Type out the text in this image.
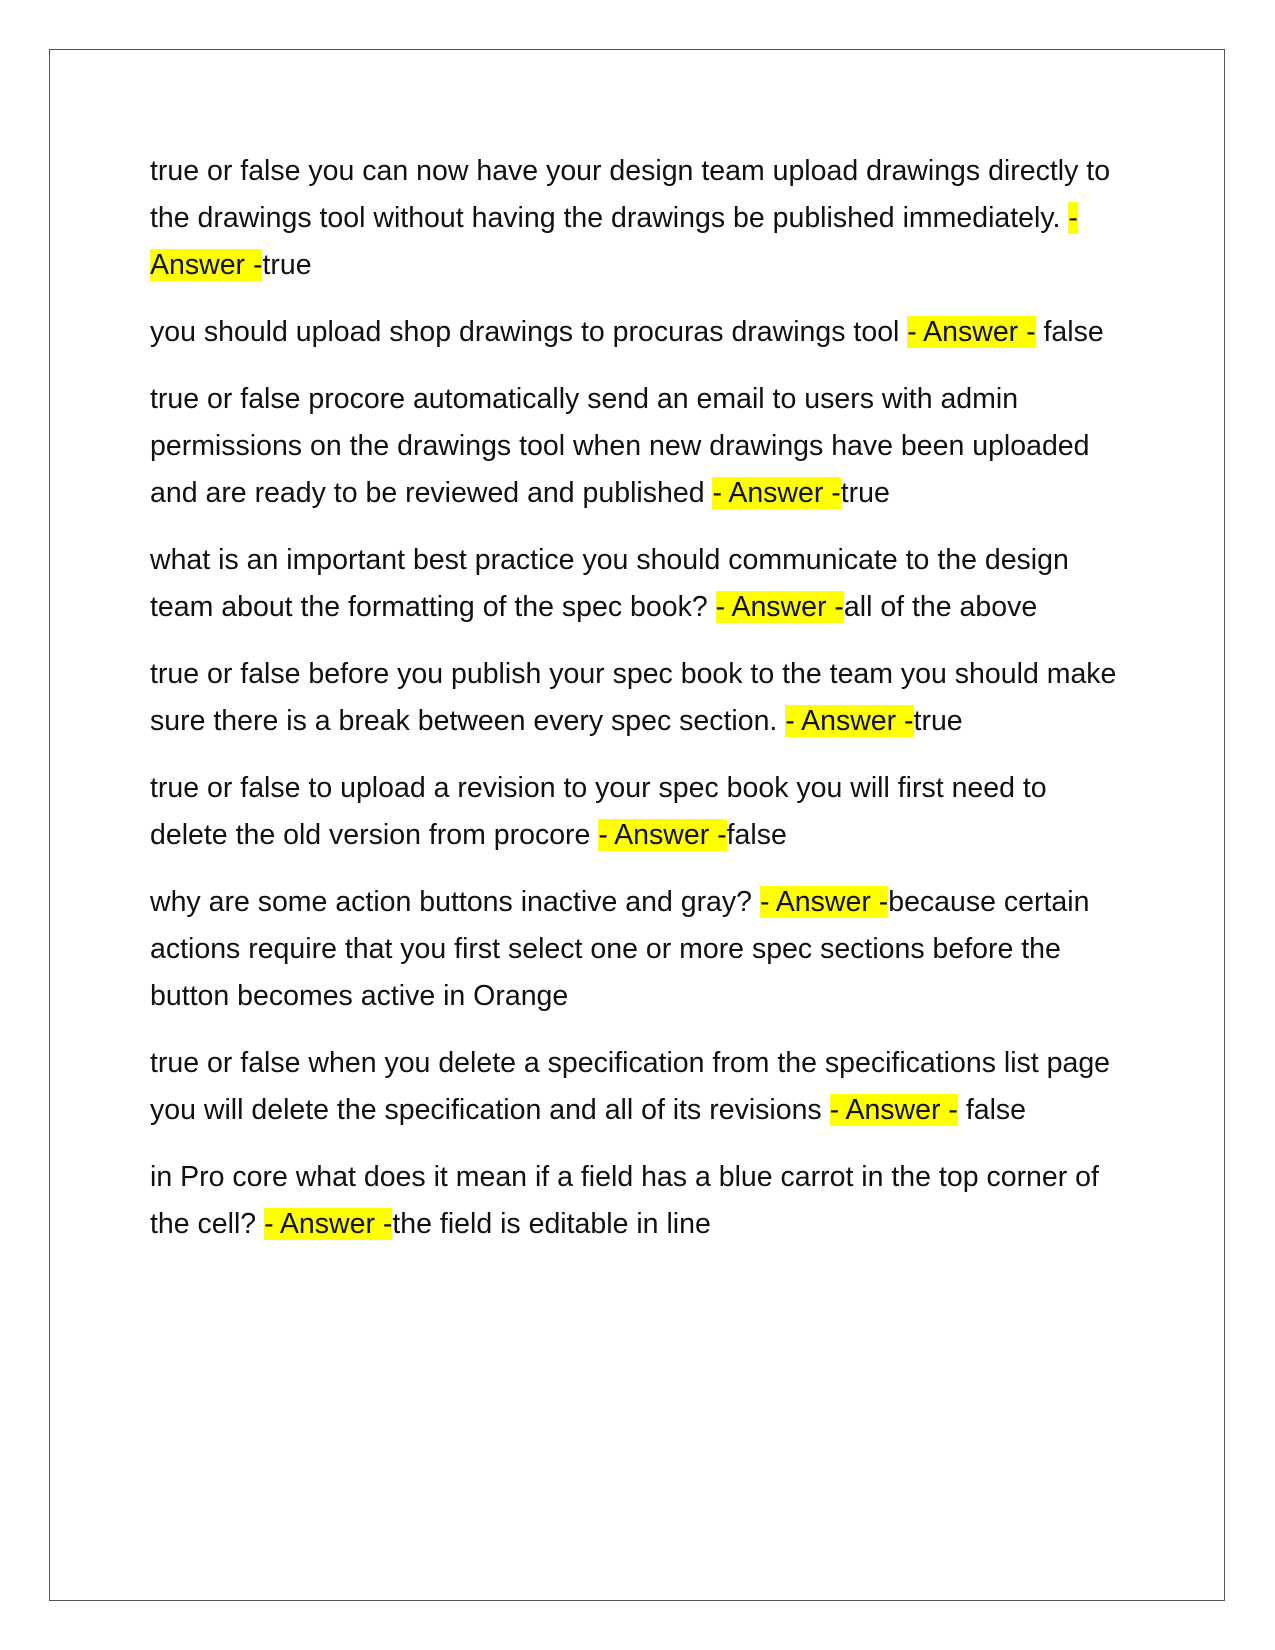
true or false you can now have your design team upload drawings directly to the drawings tool without having the drawings be published immediately. - Answer -true

you should upload shop drawings to procuras drawings tool - Answer - false

true or false procore automatically send an email to users with admin permissions on the drawings tool when new drawings have been uploaded and are ready to be reviewed and published - Answer -true

what is an important best practice you should communicate to the design team about the formatting of the spec book? - Answer -all of the above

true or false before you publish your spec book to the team you should make sure there is a break between every spec section. - Answer -true

true or false to upload a revision to your spec book you will first need to delete the old version from procore - Answer -false

why are some action buttons inactive and gray? - Answer -because certain actions require that you first select one or more spec sections before the button becomes active in Orange

true or false when you delete a specification from the specifications list page you will delete the specification and all of its revisions - Answer - false

in Pro core what does it mean if a field has a blue carrot in the top corner of the cell? - Answer -the field is editable in line
